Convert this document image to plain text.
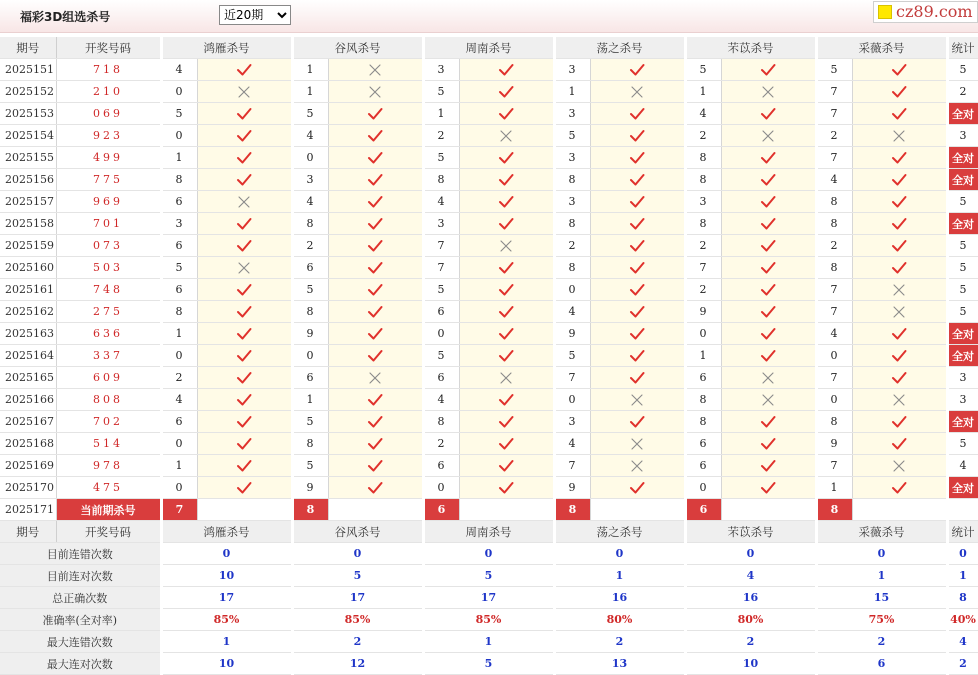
福彩3D组选杀号
近20期	cz89.com
期号	开奖号码	鸿雁杀号		谷风杀号		周南杀号		荡之杀号		芣苡杀号		采薇杀号		统计
2025151	718	4		1		3		3		5		5		5
2025152	210	0		1		5		1		1		7		2
2025153	069	5		5		1		3		4		7		全对
2025154	923	0		4		2		5		2		2		3
2025155	499	1		0		5		3		8		7		全对
2025156	775	8		3		8		8		8		4		全对
2025157	969	6		4		4		3		3		8		5
2025158	701	3		8		3		8		8		8		全对
2025159	073	6		2		7		2		2		2		5
2025160	503	5		6		7		8		7		8		5
2025161	748	6		5		5		0		2		7		5
2025162	275	8		8		6		4		9		7		5
2025163	636	1		9		0		9		0		4		全对
2025164	337	0		0		5		5		1		0		全对
2025165	609	2		6		6		7		6		7		3
2025166	808	4		1		4		0		8		0		3
2025167	702	6		5		8		3		8		8		全对
2025168	514	0		8		2		4		6		9		5
2025169	978	1		5		6		7		6		7		4
2025170	475	0		9		0		9		0		1		全对
2025171	当前期杀号	7		8		6		8		6		8		
期号	开奖号码	鸿雁杀号		谷风杀号		周南杀号		荡之杀号		芣苡杀号		采薇杀号		统计
目前连错次数		0		0		0		0		0		0		0
目前连对次数		10		5		5		1		4		1		1
总正确次数		17		17		17		16		16		15		8
准确率(全对率)		85%		85%		85%		80%		80%		75%		40%
最大连错次数		1		2		1		2		2		2		4
最大连对次数		10		12		5		13		10		6		2
